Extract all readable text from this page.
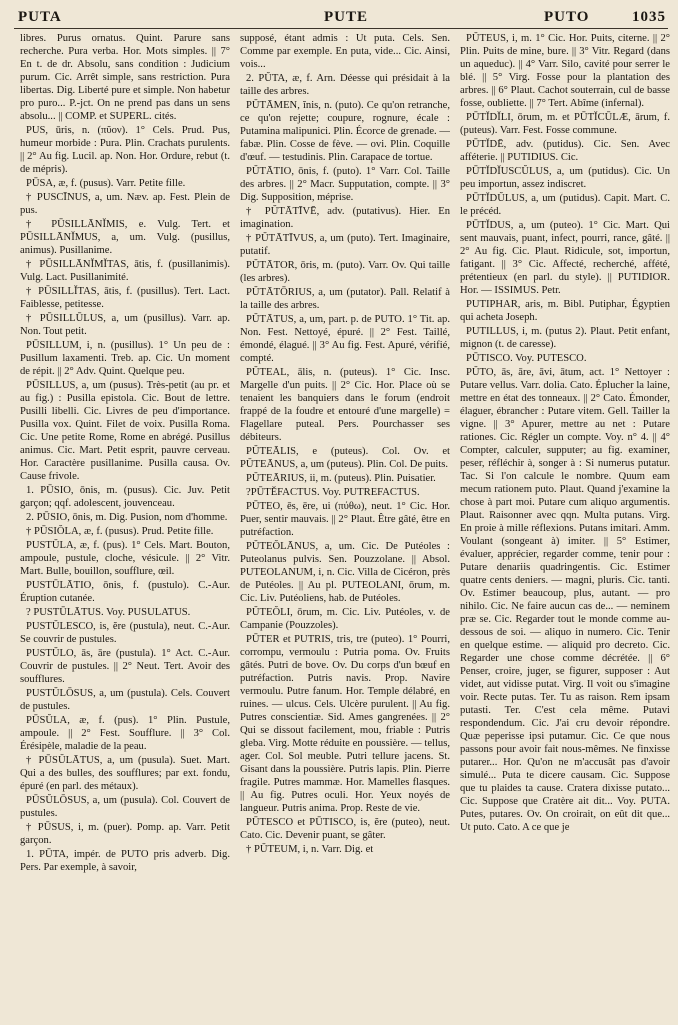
PUTA	PUTE	PUTO	1035

libres. Purus ornatus. Quint. Parure sans recherche. Pura verba. Hor. Mots simples. || 7° En t. de dr. Absolu, sans condition : Judicium purum. Cic. Arrêt simple, sans restriction. Pura libertas. Dig. Liberté pure et simple. Non habetur pro puro... P.-jct. On ne prend pas dans un sens absolu... || COMP. et SUPERL. cités.

PUS, ūris, n. (πῦον). 1° Cels. Prud. Pus, humeur morbide : Pura. Plin. Crachats purulents. || 2° Au fig. Lucil. ap. Non. Hor. Ordure, rebut (t. de mépris).

PŪSA, æ, f. (pusus). Varr. Petite fille.

† PUSCĪNUS, a, um. Næv. ap. Fest. Plein de pus.

† PŪSILLĀNĬMIS, e. Vulg. Tert. et PŪSILLĀNĬMUS, a, um. Vulg. (pusillus, animus). Pusillanime.

† PŪSILLĀNĬMĬTAS, ātis, f. (pusillanimis). Vulg. Lact. Pusillanimité.

† PŪSILLĬTAS, ātis, f. (pusillus). Tert. Lact. Faiblesse, petitesse.

† PŪSILLŪLUS, a, um (pusillus). Varr. ap. Non. Tout petit.

PŪSILLUM, i, n. (pusillus). 1° Un peu de : Pusillum laxamenti. Treb. ap. Cic. Un moment de répit. || 2° Adv. Quint. Quelque peu.

PŪSILLUS, a, um (pusus). Très-petit (au pr. et au fig.) : Pusilla epistola. Cic. Bout de lettre. Pusilli libelli. Cic. Livres de peu d'importance. Pusilla vox. Quint. Filet de voix. Pusilla Roma. Cic. Une petite Rome, Rome en abrégé. Pusillus animus. Cic. Mart. Petit esprit, pauvre cerveau. Hor. Caractère pusillanime. Pusilla causa. Ov. Cause frivole.

1. PŪSIO, ōnis, m. (pusus). Cic. Juv. Petit garçon; qqf. adolescent, jouvenceau.

2. PŪSIO, ōnis, m. Dig. Pusion, nom d'homme.

† PŪSIŎLA, æ, f. (pusus). Prud. Petite fille.

PUSTŬLA, æ, f. (pus). 1° Cels. Mart. Bouton, ampoule, pustule, cloche, vésicule. || 2° Vitr. Mart. Bulle, bouillon, soufflure, œil.

PUSTŪLĀTIO, ōnis, f. (pustulo). C.-Aur. Éruption cutanée.

? PUSTŪLĀTUS. Voy. PUSULATUS.

PUSTŬLESCO, is, ĕre (pustula), neut. C.-Aur. Se couvrir de pustules.

PUSTŬLO, ās, āre (pustula). 1° Act. C.-Aur. Couvrir de pustules. || 2° Neut. Tert. Avoir des soufflures.

PUSTŬLŌSUS, a, um (pustula). Cels. Couvert de pustules.

PŪSŬLA, æ, f. (pus). 1° Plin. Pustule, ampoule. || 2° Fest. Soufflure. || 3° Col. Érésipèle, maladie de la peau.

† PŪSŬLĀTUS, a, um (pusula). Suet. Mart. Qui a des bulles, des soufflures; par ext. fondu, épuré (en parl. des métaux).

PŪSŬLŌSUS, a, um (pusula). Col. Couvert de pustules.

† PŪSUS, i, m. (puer). Pomp. ap. Varr. Petit garçon.

1. PŪTA, impér. de PUTO pris adverb. Dig. Pers. Par exemple, à savoir,

supposé, étant admis : Ut puta. Cels. Sen. Comme par exemple. En puta, vide... Cic. Ainsi, vois...

2. PŬTA, æ, f. Arn. Déesse qui présidait à la taille des arbres.

PŬTĀMEN, ĭnis, n. (puto). Ce qu'on retranche, ce qu'on rejette; coupure, rognure, écale : Putamina malipunici. Plin. Écorce de grenade. — fabæ. Plin. Cosse de fève. — ovi. Plin. Coquille d'œuf. — testudinis. Plin. Carapace de tortue.

PŬTĀTIO, ōnis, f. (puto). 1° Varr. Col. Taille des arbres. || 2° Macr. Supputation, compte. || 3° Dig. Supposition, méprise.

† PŬTĀTĪVĒ, adv. (putativus). Hier. En imagination.

† PŬTĀTĪVUS, a, um (puto). Tert. Imaginaire, putatif.

PŬTĀTOR, ōris, m. (puto). Varr. Ov. Qui taille (les arbres).

PŬTĀTŌRIUS, a, um (putator). Pall. Relatif à la taille des arbres.

PŬTĀTUS, a, um, part. p. de PUTO. 1° Tit. ap. Non. Fest. Nettoyé, épuré. || 2° Fest. Taillé, émondé, élagué. || 3° Au fig. Fest. Apuré, vérifié, compté.

PŬTEAL, ālis, n. (puteus). 1° Cic. Insc. Margelle d'un puits. || 2° Cic. Hor. Place où se tenaient les banquiers dans le forum (endroit frappé de la foudre et entouré d'une margelle) = Flagellare puteal. Pers. Pourchasser ses débiteurs.

PŬTEĀLIS, e (puteus). Col. Ov. et PŬTEĀNUS, a, um (puteus). Plin. Col. De puits.

PŬTEĀRIUS, ii, m. (puteus). Plin. Puisatier.

?PŪTĔFACTUS. Voy. PUTREFACTUS.

PŪTEO, ēs, ēre, ui (πύθω), neut. 1° Cic. Hor. Puer, sentir mauvais. || 2° Plaut. Être gâté, être en putréfaction.

PŬTEŎLĀNUS, a, um. Cic. De Putéoles : Puteolanus pulvis. Sen. Pouzzolane. || Absol. PUTEOLANUM, i, n. Cic. Villa de Cicéron, près de Putéoles. || Au pl. PUTEOLANI, ōrum, m. Cic. Liv. Putéoliens, hab. de Putéoles.

PŬTEŎLI, ōrum, m. Cic. Liv. Putéoles, v. de Campanie (Pouzzoles).

PŪTER et PUTRIS, tris, tre (puteo). 1° Pourri, corrompu, vermoulu : Putria poma. Ov. Fruits gâtés. Putri de bove. Ov. Du corps d'un bœuf en putréfaction. Putris navis. Prop. Navire vermoulu. Putre fanum. Hor. Temple délabré, en ruines. — ulcus. Cels. Ulcère purulent. || Au fig. Putres conscientiæ. Sid. Ames gangrenées. || 2° Qui se dissout facilement, mou, friable : Putris gleba. Virg. Motte réduite en poussière. — tellus, ager. Col. Sol meuble. Putri tellure jacens. St. Gisant dans la poussière. Putris lapis. Plin. Pierre fragile. Putres mammæ. Hor. Mamelles flasques. || Au fig. Putres oculi. Hor. Yeux noyés de langueur. Putris anima. Prop. Reste de vie.

PŪTESCO et PŪTISCO, is, ĕre (puteo), neut. Cato. Cic. Devenir puant, se gâter.

† PŬTEUM, i, n. Varr. Dig. et

PŬTEUS, i, m. 1° Cic. Hor. Puits, citerne. || 2° Plin. Puits de mine, bure. || 3° Vitr. Regard (dans un aqueduc). || 4° Varr. Silo, cavité pour serrer le blé. || 5° Virg. Fosse pour la plantation des arbres. || 6° Plaut. Cachot souterrain, cul de basse fosse, oubliette. || 7° Tert. Abîme (infernal).

PŪTĬDĬLI, ōrum, m. et PŪTĬCŪLÆ, ārum, f. (puteus). Varr. Fest. Fosse commune.

PŪTĬDĒ, adv. (putidus). Cic. Sen. Avec afféterie. || PUTIDIUS. Cic.

PŪTĬDĬUSCŬLUS, a, um (putidus). Cic. Un peu importun, assez indiscret.

PŪTĬDŬLUS, a, um (putidus). Capit. Mart. C. le précéd.

PŪTĬDUS, a, um (puteo). 1° Cic. Mart. Qui sent mauvais, puant, infect, pourri, rance, gâté. || 2° Au fig. Cic. Plaut. Ridicule, sot, importun, fatigant. || 3° Cic. Affecté, recherché, affété, prétentieux (en parl. du style). || PUTIDIOR. Hor. — ISSIMUS. Petr.

PUTIPHAR, aris, m. Bibl. Putiphar, Égyptien qui acheta Joseph.

PUTILLUS, i, m. (putus 2). Plaut. Petit enfant, mignon (t. de caresse).

PŪTISCO. Voy. PUTESCO.

PŬTO, ās, āre, āvi, ātum, act. 1° Nettoyer : Putare vellus. Varr. dolia. Cato. Éplucher la laine, mettre en état des tonneaux. || 2° Cato. Émonder, élaguer, ébrancher : Putare vitem. Gell. Tailler la vigne. || 3° Apurer, mettre au net : Putare rationes. Cic. Régler un compte. Voy. n° 4. || 4° Compter, calculer, supputer; au fig. examiner, peser, réfléchir à, songer à : Si numerus putatur. Tac. Si l'on calcule le nombre. Quum eam mecum rationem puto. Plaut. Quand j'examine la chose à part moi. Putare cum aliquo argumentis. Plaut. Raisonner avec qqn. Multa putans. Virg. En proie à mille réflexions. Putans imitari. Amm. Voulant (songeant à) imiter. || 5° Estimer, évaluer, apprécier, regarder comme, tenir pour : Putare denariis quadringentis. Cic. Estimer quatre cents deniers. — magni, pluris. Cic. tanti. Ov. Estimer beaucoup, plus, autant. — pro nihilo. Cic. Ne faire aucun cas de... — neminem præ se. Cic. Regarder tout le monde comme au-dessous de soi. — aliquo in numero. Cic. Tenir en quelque estime. — aliquid pro decreto. Cic. Regarder une chose comme décrétée. || 6° Penser, croire, juger, se figurer, supposer : Aut videt, aut vidisse putat. Virg. Il voit ou s'imagine voir. Recte putas. Ter. Tu as raison. Rem ipsam putasti. Ter. C'est cela même. Putavi respondendum. Cic. J'ai cru devoir répondre. Quæ peperisse ipsi putamur. Cic. Ce que nous passons pour avoir fait nous-mêmes. Ne finxisse putarer... Hor. Qu'on ne m'accusât pas d'avoir simulé... Puta te dicere causam. Cic. Suppose que tu plaides ta cause. Cratera dixisse putato... Cic. Suppose que Cratère ait dit... Voy. PUTA. Putes, putares. Ov. On croirait, on eût dit que... Ut puto. Cato. A ce que je
